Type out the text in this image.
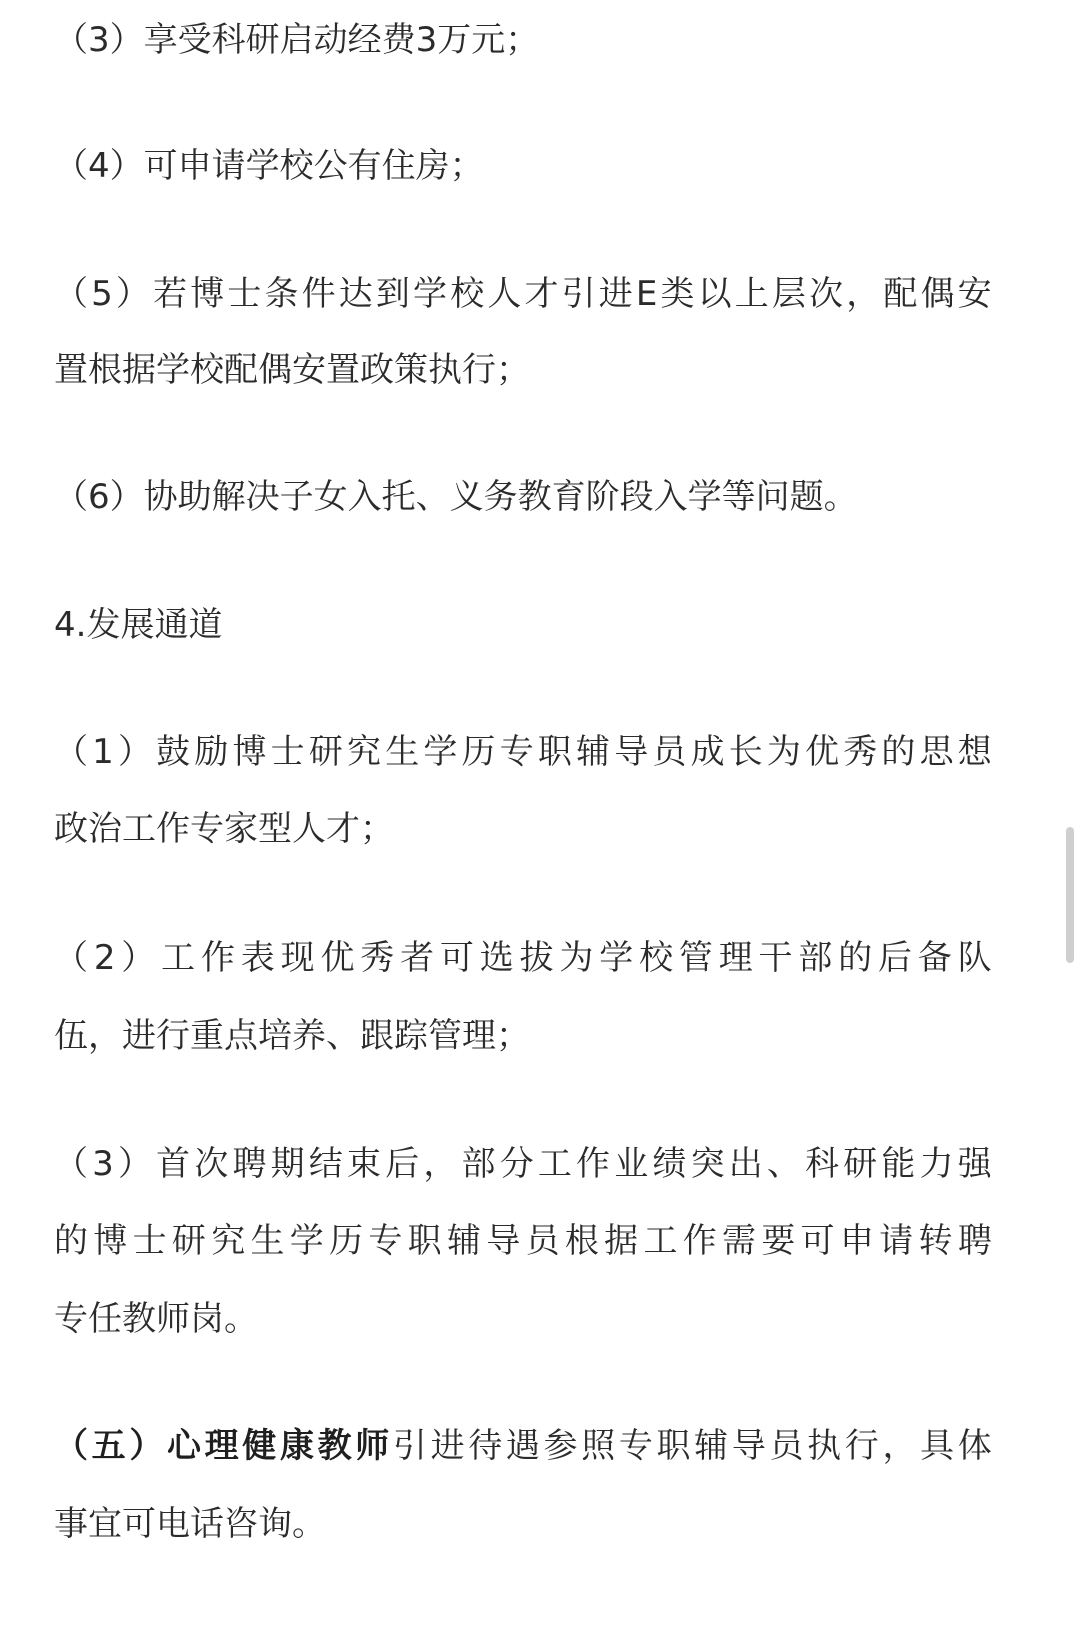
（3）享受科研启动经费3万元；
（4）可申请学校公有住房；
（ 5 ） 若 博 士 条 件 达 到 学 校 人 才 引 进 E 类 以 上 层 次 ， 配 偶 安
置根据学校配偶安置政策执行；
（6）协助解决子女入托、义务教育阶段入学等问题。
4.发展通道
（ 1 ） 鼓 励 博 士 研 究 生 学 历 专 职 辅 导 员 成 长 为 优 秀 的 思 想
政治工作专家型人才；
（ 2 ） 工 作 表 现 优 秀 者 可 选 拔 为 学 校 管 理 干 部 的 后 备 队
伍，进行重点培养、跟踪管理；
（ 3 ） 首 次 聘 期 结 束 后 ， 部 分 工 作 业 绩 突 出 、 科 研 能 力 强
的 博 士 研 究 生 学 历 专 职 辅 导 员 根 据 工 作 需 要 可 申 请 转 聘
专任教师岗。
（ 五 ） 心 理 健 康 教 师 引 进 待 遇 参 照 专 职 辅 导 员 执 行 ， 具 体
事宜可电话咨询。
